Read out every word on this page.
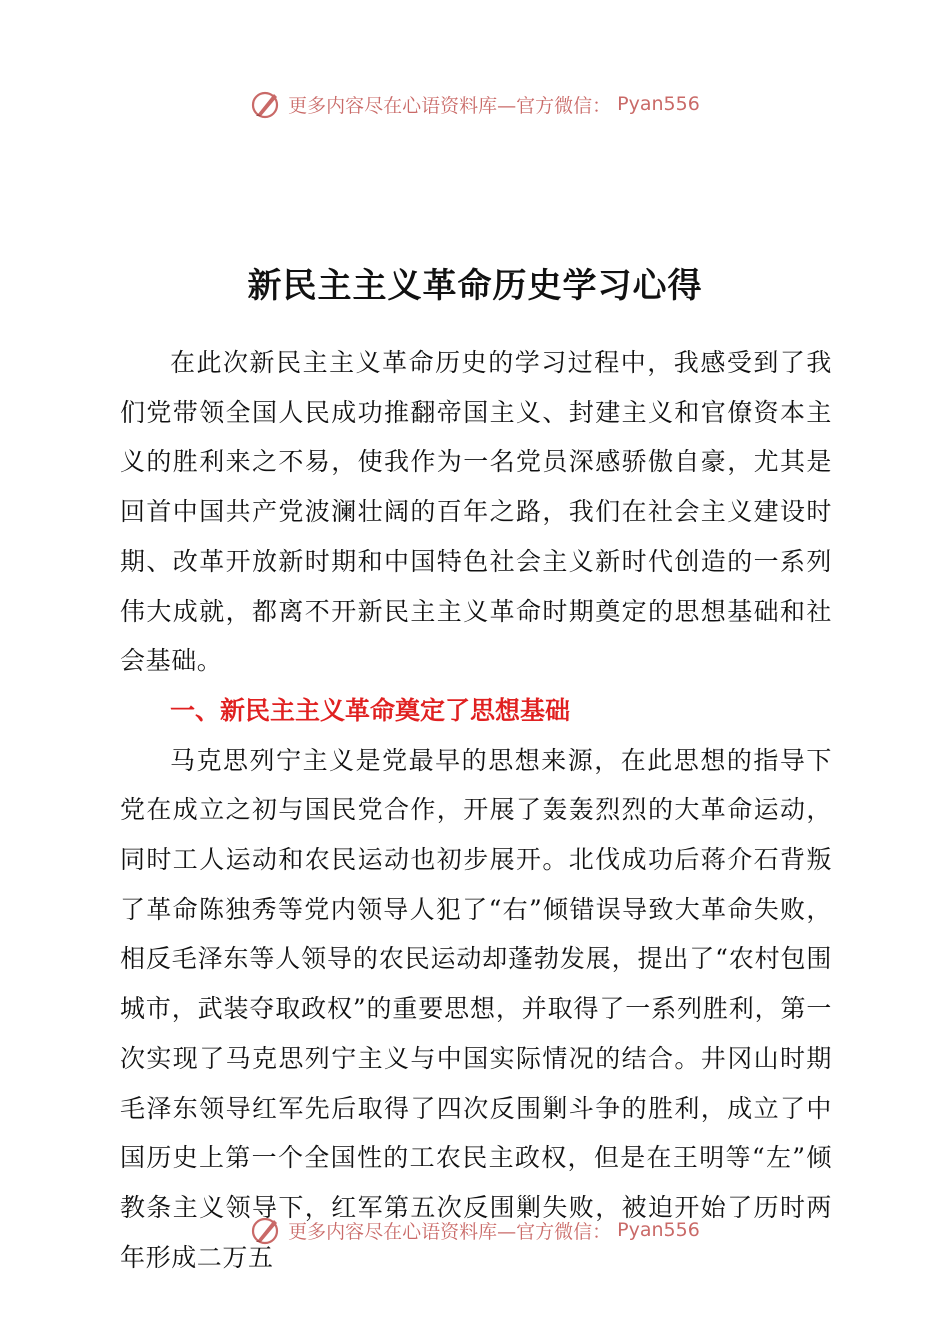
更多内容尽在心语资料库—官方微信： Pyan556
新民主主义革命历史学习心得

在此次新民主主义革命历史的学习过程中，我感受到了我们党带领全国人民成功推翻帝国主义、封建主义和官僚资本主义的胜利来之不易，使我作为一名党员深感骄傲自豪，尤其是回首中国共产党波澜壮阔的百年之路，我们在社会主义建设时期、改革开放新时期和中国特色社会主义新时代创造的一系列伟大成就，都离不开新民主主义革命时期奠定的思想基础和社会基础。

一、新民主主义革命奠定了思想基础

马克思列宁主义是党最早的思想来源，在此思想的指导下党在成立之初与国民党合作，开展了轰轰烈烈的大革命运动，同时工人运动和农民运动也初步展开。北伐成功后蒋介石背叛了革命陈独秀等党内领导人犯了“右”倾错误导致大革命失败，相反毛泽东等人领导的农民运动却蓬勃发展，提出了“农村包围城市，武装夺取政权”的重要思想，并取得了一系列胜利，第一次实现了马克思列宁主义与中国实际情况的结合。井冈山时期毛泽东领导红军先后取得了四次反围剿斗争的胜利，成立了中国历史上第一个全国性的工农民主政权，但是在王明等“左”倾教条主义领导下，红军第五次反围剿失败，被迫开始了历时两年形成二万五

更多内容尽在心语资料库—官方微信： Pyan556
